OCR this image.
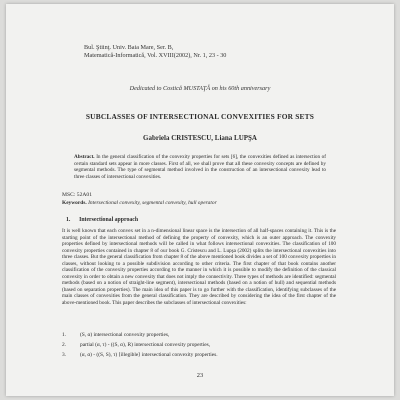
Bul. Ştiinţ. Univ. Baia Mare, Ser. B,
Matematică-Informatică, Vol. XVIII(2002), Nr. 1, 23 - 30
Dedicated to Costică MUSTAŢĂ on his 60th anniversary
SUBCLASSES OF INTERSECTIONAL CONVEXITIES FOR SETS
Gabriela CRISTESCU, Liana LUPŞA
Abstract. In the general classification of the convexity properties for sets [6], the convexities defined as intersection of certain standard sets appear in more classes. First of all, we shall prove that all these convexity concepts are defined by segmental methods. The type of segmental method involved in the construction of an intersectional convexity lead to three classes of intersectional convexities.
MSC: 52A01
Keywords. Intersectional convexity, segmental convexity, hull operator
1. Intersectional approach
It is well known that each convex set in a n-dimensional linear space is the intersection of all half-spaces containing it. This is the starting point of the intersectional method of defining the property of convexity, which is an outer approach. The convexity properties defined by intersectional methods will be called in what follows intersectional convexities. The classification of 100 convexity properties contained in chapter 8 of our book G. Cristescu and L. Lupşa (2002) splits the intersectional convexities into three classes. But the general classification from chapter 8 of the above mentioned book divides a set of 100 convexity properties in classes, without looking to a possible subdivision according to other criteria. The first chapter of that book contains another classification of the convexity properties according to the manner in which it is possible to modify the definition of the classical convexity in order to obtain a new convexity that does not imply the connectivity. Three types of methods are identified: segmental methods (based on a notion of straight-line segment), intersectional methods (based on a notion of hull) and sequential methods (based on separation properties). The main idea of this paper is to go further with the classification, identifying subclasses of the main classes of convexities from the general classification. They are described by considering the idea of the first chapter of the above-mentioned book. This paper describes the subclasses of intersectional convexities:
1.	(S, α) intersectional convexity properties,
2.	partial (α, τ) - ((S, α), R) intersectional convexity properties,
3.	(α, α) - ((S, S), τ) ⟨illegible⟩ intersectional convexity properties.
23
